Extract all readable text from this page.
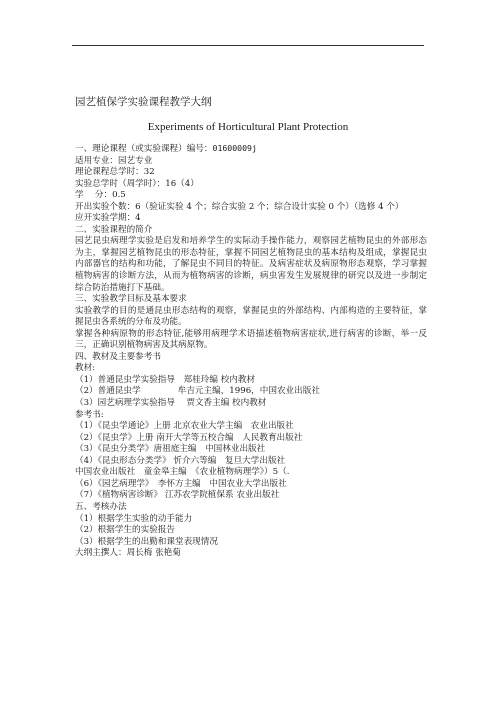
园艺植保学实验课程教学大纲
Experiments of Horticultural Plant Protection

一、理论课程（或实验课程）编号：01600009j

适用专业：园艺专业

理论课程总学时：32

实验总学时（周学时）：16（4）

学　 分：0.5

开出实验个数：6（验证实验 4 个；综合实验 2 个；综合设计实验 0 个）（选修 4 个）

应开实验学期：4

二、实验课程的简介

园艺昆虫病理学实验是启发和培养学生的实际动手操作能力，观察园艺植物昆虫的外部形态为主，掌握园艺植物昆虫的形态特征，掌握不同园艺植物昆虫的基本结构及组成，掌握昆虫内部器官的结构和功能，了解昆虫不同目的特征。及病害症状及病原物形态观察，学习掌握植物病害的诊断方法，从而为植物病害的诊断，病虫害发生发展规律的研究以及进一步制定综合防治措施打下基础。

三、实验教学目标及基本要求

实验教学的目的是通昆虫形态结构的观察，掌握昆虫的外部结构、内部构造的主要特征，掌握昆虫各系统的分布及功能。

掌握各种病原物的形态特征,能够用病理学术语描述植物病害症状,进行病害的诊断，举一反三，正确识别植物病害及其病原物。

四、教材及主要参考书

教材:

（1）普通昆虫学实验指导　郑桂玲编 校内教材

（2）普通昆虫学　　　　 牟吉元主编，1996，中国农业出版社

（3）园艺病理学实验指导　 贾文香主编 校内教材

参考书:

（1）《昆虫学通论》上册 北京农业大学主编　农业出版社

（2）《昆虫学》上册 南开大学等五校合编　人民教育出版社

（3）《昆虫分类学》唐祖庭主编　中国林业出版社

（4）《昆虫形态分类学》 忻介六等编　复旦大学出版社

中国农业出版社　童金皋主编　《农业植物病理学》）5（.

（6）《园艺病理学》　李怀方主编　中国农业大学出版社

（7）《植物病害诊断》 江苏农学院植保系 农业出版社

五、考核办法

（1）根据学生实验的动手能力

（2）根据学生的实验报告

（3）根据学生的出勤和课堂表现情况

大纲主撰人：周长梅 张艳菊
